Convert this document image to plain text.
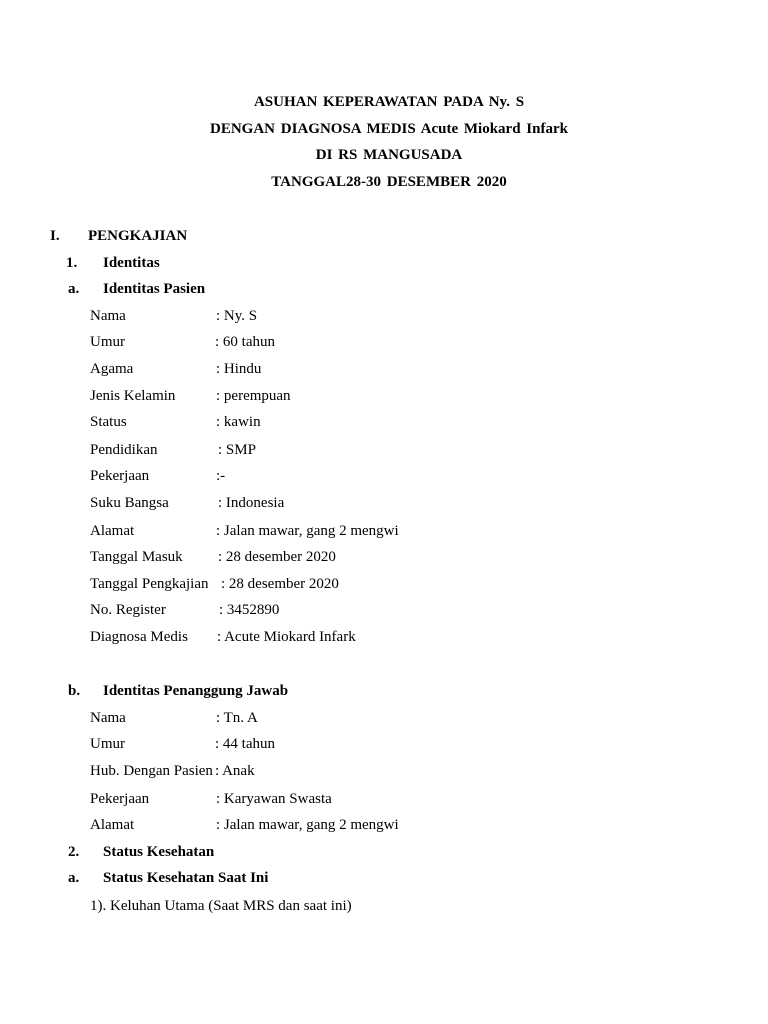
ASUHAN KEPERAWATAN PADA Ny. S
DENGAN DIAGNOSA MEDIS Acute Miokard Infark
DI RS MANGUSADA
TANGGAL28-30 DESEMBER 2020
I. PENGKAJIAN
1. Identitas
a. Identitas Pasien
Nama	: Ny. S
Umur	: 60 tahun
Agama	: Hindu
Jenis Kelamin	: perempuan
Status	: kawin
Pendidikan	: SMP
Pekerjaan	:-
Suku Bangsa	: Indonesia
Alamat	: Jalan mawar, gang 2 mengwi
Tanggal Masuk : 28 desember 2020
Tanggal Pengkajian : 28 desember 2020
No. Register	: 3452890
Diagnosa Medis : Acute Miokard Infark
b. Identitas Penanggung Jawab
Nama	: Tn. A
Umur	: 44 tahun
Hub. Dengan Pasien : Anak
Pekerjaan	: Karyawan Swasta
Alamat	: Jalan mawar, gang 2 mengwi
2. Status Kesehatan
a. Status Kesehatan Saat Ini
1). Keluhan Utama (Saat MRS dan saat ini)
